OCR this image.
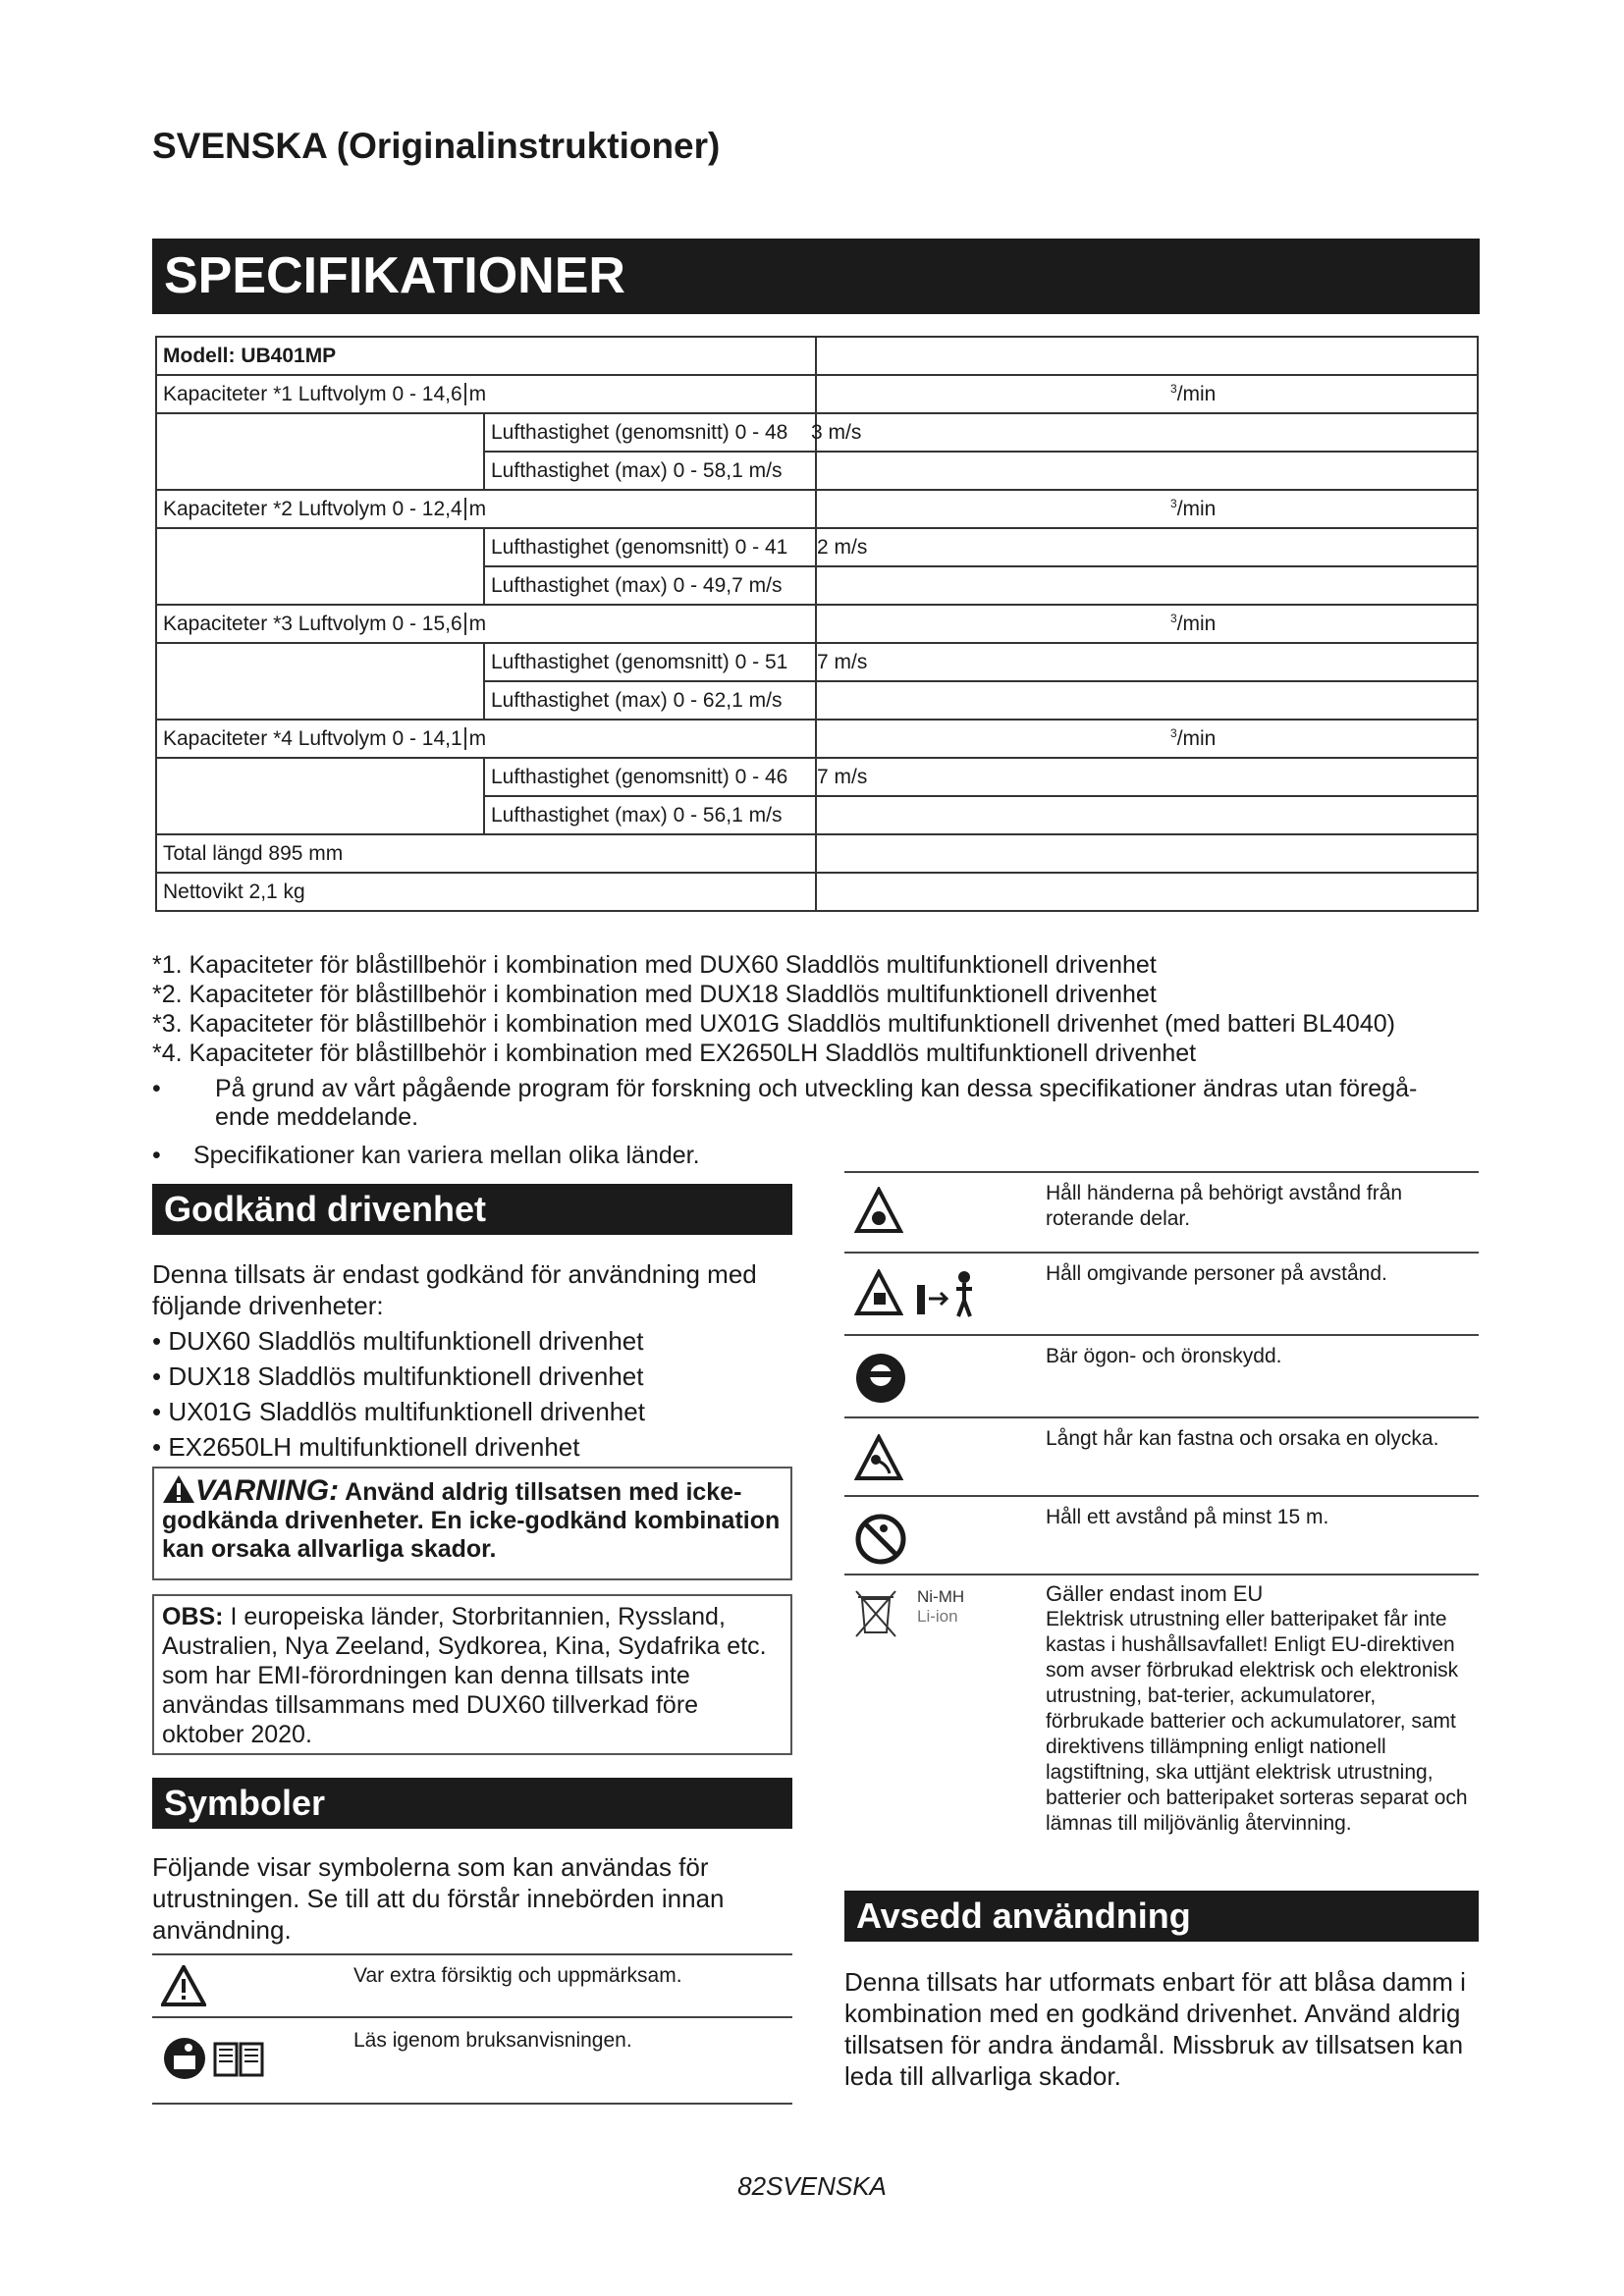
SVENSKA (Originalinstruktioner)
SPECIFIKATIONER
Modell: UB401MP		
Kapaciteter *1 Luftvolym 0 - 14,6 m		$^3$/min
	Lufthastighet (genomsnitt) 0 - 48	3 m/s
	Lufthastighet (max) 0 - 58,1 m/s	
Kapaciteter *2 Luftvolym 0 - 12,4 m		$^3$/min
	Lufthastighet (genomsnitt) 0 - 41	2 m/s
	Lufthastighet (max) 0 - 49,7 m/s	
Kapaciteter *3 Luftvolym 0 - 15,6 m		$^3$/min
	Lufthastighet (genomsnitt) 0 - 51	7 m/s
	Lufthastighet (max) 0 - 62,1 m/s	
Kapaciteter *4 Luftvolym 0 - 14,1 m		$^3$/min
	Lufthastighet (genomsnitt) 0 - 46	7 m/s
	Lufthastighet (max) 0 - 56,1 m/s	
Total längd 895 mm		
Nettovikt 2,1 kg		
*1. Kapaciteter för blåstillbehör i kombination med DUX60 Sladdlös multifunktionell drivenhet
*2. Kapaciteter för blåstillbehör i kombination med DUX18 Sladdlös multifunktionell drivenhet
*3. Kapaciteter för blåstillbehör i kombination med UX01G Sladdlös multifunktionell drivenhet (med batteri BL4040)
*4. Kapaciteter för blåstillbehör i kombination med EX2650LH Sladdlös multifunktionell drivenhet
• På grund av vårt pågående program för forskning och utveckling kan dessa specifikationer ändras utan föregå-
ende meddelande.
• Specifikationer kan variera mellan olika länder.
Godkänd drivenhet
Denna tillsats är endast godkänd för användning med följande drivenheter:
• DUX60 Sladdlös multifunktionell drivenhet
• DUX18 Sladdlös multifunktionell drivenhet
• UX01G Sladdlös multifunktionell drivenhet
• EX2650LH multifunktionell drivenhet
VARNING: Använd aldrig tillsatsen med icke-godkända drivenheter. En icke-godkänd kombination kan orsaka allvarliga skador.
OBS: I europeiska länder, Storbritannien, Ryssland, Australien, Nya Zeeland, Sydkorea, Kina, Sydafrika etc. som har EMI-förordningen kan denna tillsats inte användas tillsammans med DUX60 tillverkad före oktober 2020.
Symboler
Följande visar symbolerna som kan användas för utrustningen. Se till att du förstår innebörden innan användning.
Var extra försiktig och uppmärksam.
Läs igenom bruksanvisningen.
Håll händerna på behörigt avstånd från roterande delar.
Håll omgivande personer på avstånd.
Bär ögon- och öronskydd.
Långt hår kan fastna och orsaka en olycka.
Håll ett avstånd på minst 15 m.
Ni-MH
Li-ion
Gäller endast inom EU
Elektrisk utrustning eller batteripaket får inte kastas i hushållsavfallet! Enligt EU-direktiven som avser förbrukad elektrisk och elektronisk utrustning, bat-terier, ackumulatorer, förbrukade batterier och ackumulatorer, samt direktivens tillämpning enligt nationell lagstiftning, ska uttjänt elektrisk utrustning, batterier och batteripaket sorteras separat och lämnas till miljövänlig återvinning.
Avsedd användning
Denna tillsats har utformats enbart för att blåsa damm i kombination med en godkänd drivenhet. Använd aldrig tillsatsen för andra ändamål. Missbruk av tillsatsen kan leda till allvarliga skador.
82SVENSKA
